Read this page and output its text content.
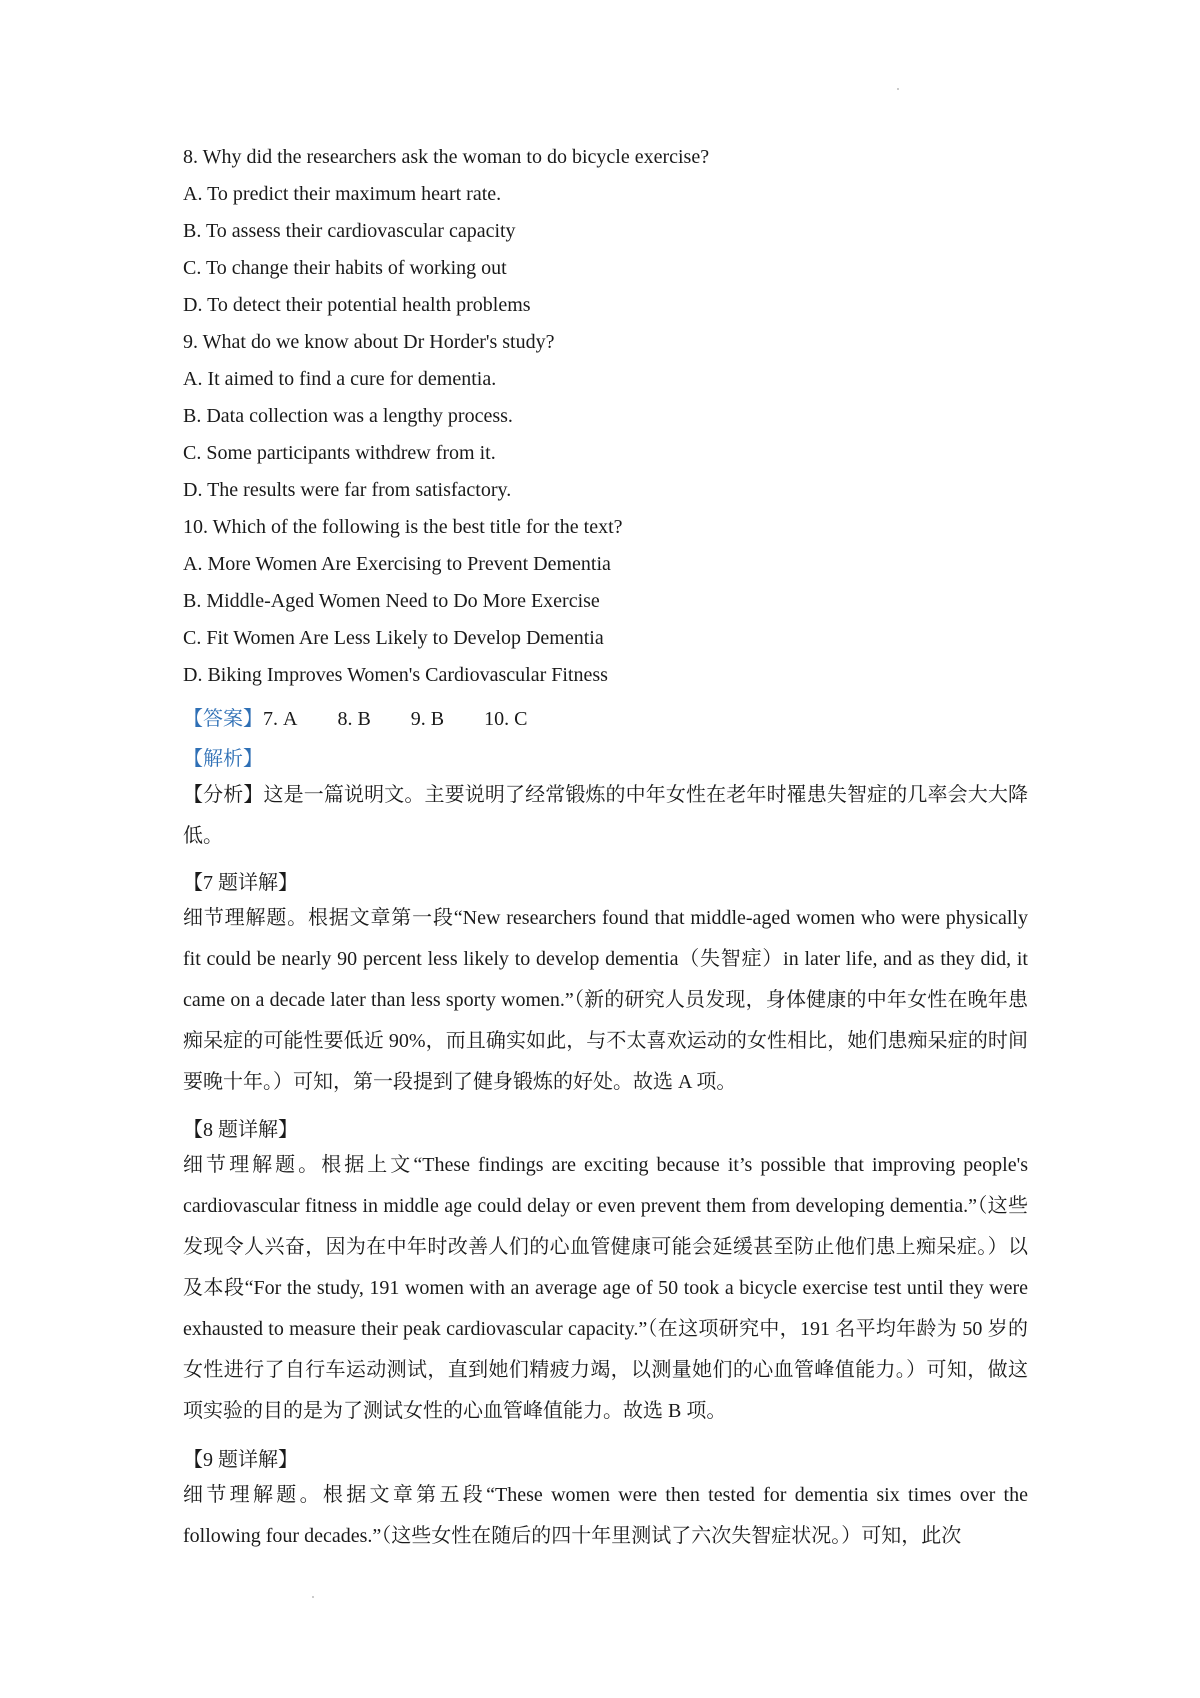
8. Why did the researchers ask the woman to do bicycle exercise?
A. To predict their maximum heart rate.
B. To assess their cardiovascular capacity
C. To change their habits of working out
D. To detect their potential health problems
9. What do we know about Dr Horder's study?
A. It aimed to find a cure for dementia.
B. Data collection was a lengthy process.
C. Some participants withdrew from it.
D. The results were far from satisfactory.
10. Which of the following is the best title for the text?
A. More Women Are Exercising to Prevent Dementia
B. Middle-Aged Women Need to Do More Exercise
C. Fit Women Are Less Likely to Develop Dementia
D. Biking Improves Women's Cardiovascular Fitness
【答案】7. A 8. B 9. B 10. C
【解析】
【分析】这是一篇说明文。主要说明了经常锻炼的中年女性在老年时罹患失智症的几率会大大降低。
【7 题详解】
细节理解题。根据文章第一段“New researchers found that middle-aged women who were physically fit could be nearly 90 percent less likely to develop dementia（失智症）in later life, and as they did, it came on a decade later than less sporty women.”（新的研究人员发现，身体健康的中年女性在晚年患痴呆症的可能性要低近 90%，而且确实如此，与不太喜欢运动的女性相比，她们患痴呆症的时间要晚十年。）可知，第一段提到了健身锻炼的好处。故选 A 项。
【8 题详解】
细节理解题。根据上文“These findings are exciting because it’s possible that improving people's cardiovascular fitness in middle age could delay or even prevent them from developing dementia.”（这些发现令人兴奋，因为在中年时改善人们的心血管健康可能会延缓甚至防止他们患上痴呆症。）以及本段“For the study, 191 women with an average age of 50 took a bicycle exercise test until they were exhausted to measure their peak cardiovascular capacity.”（在这项研究中，191 名平均年龄为 50 岁的女性进行了自行车运动测试，直到她们精疲力竭，以测量她们的心血管峰值能力。）可知，做这项实验的目的是为了测试女性的心血管峰值能力。故选 B 项。
【9 题详解】
细节理解题。根据文章第五段“These women were then tested for dementia six times over the following four decades.”（这些女性在随后的四十年里测试了六次失智症状况。）可知，此次
